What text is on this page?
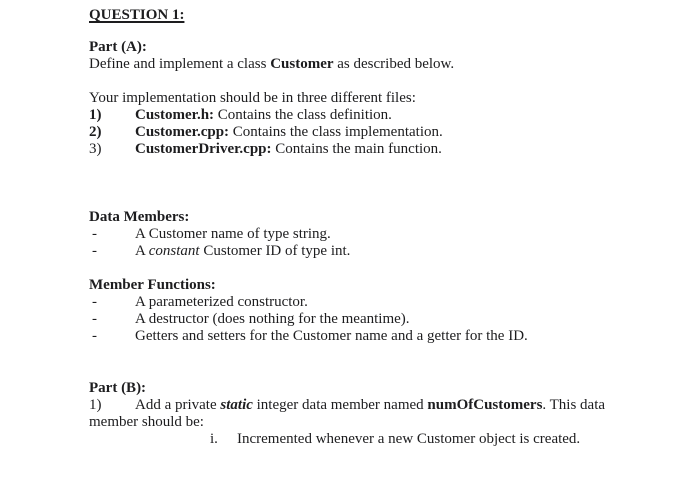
QUESTION 1:
Part (A):
Define and implement a class Customer as described below.
Your implementation should be in three different files:
1) Customer.h: Contains the class definition.
2) Customer.cpp: Contains the class implementation.
3) CustomerDriver.cpp: Contains the main function.
Data Members:
-	A Customer name of type string.
-	A constant Customer ID of type int.
Member Functions:
-	A parameterized constructor.
-	A destructor (does nothing for the meantime).
-	Getters and setters for the Customer name and a getter for the ID.
Part (B):
1) Add a private static integer data member named numOfCustomers. This data
member should be:
i. Incremented whenever a new Customer object is created.
